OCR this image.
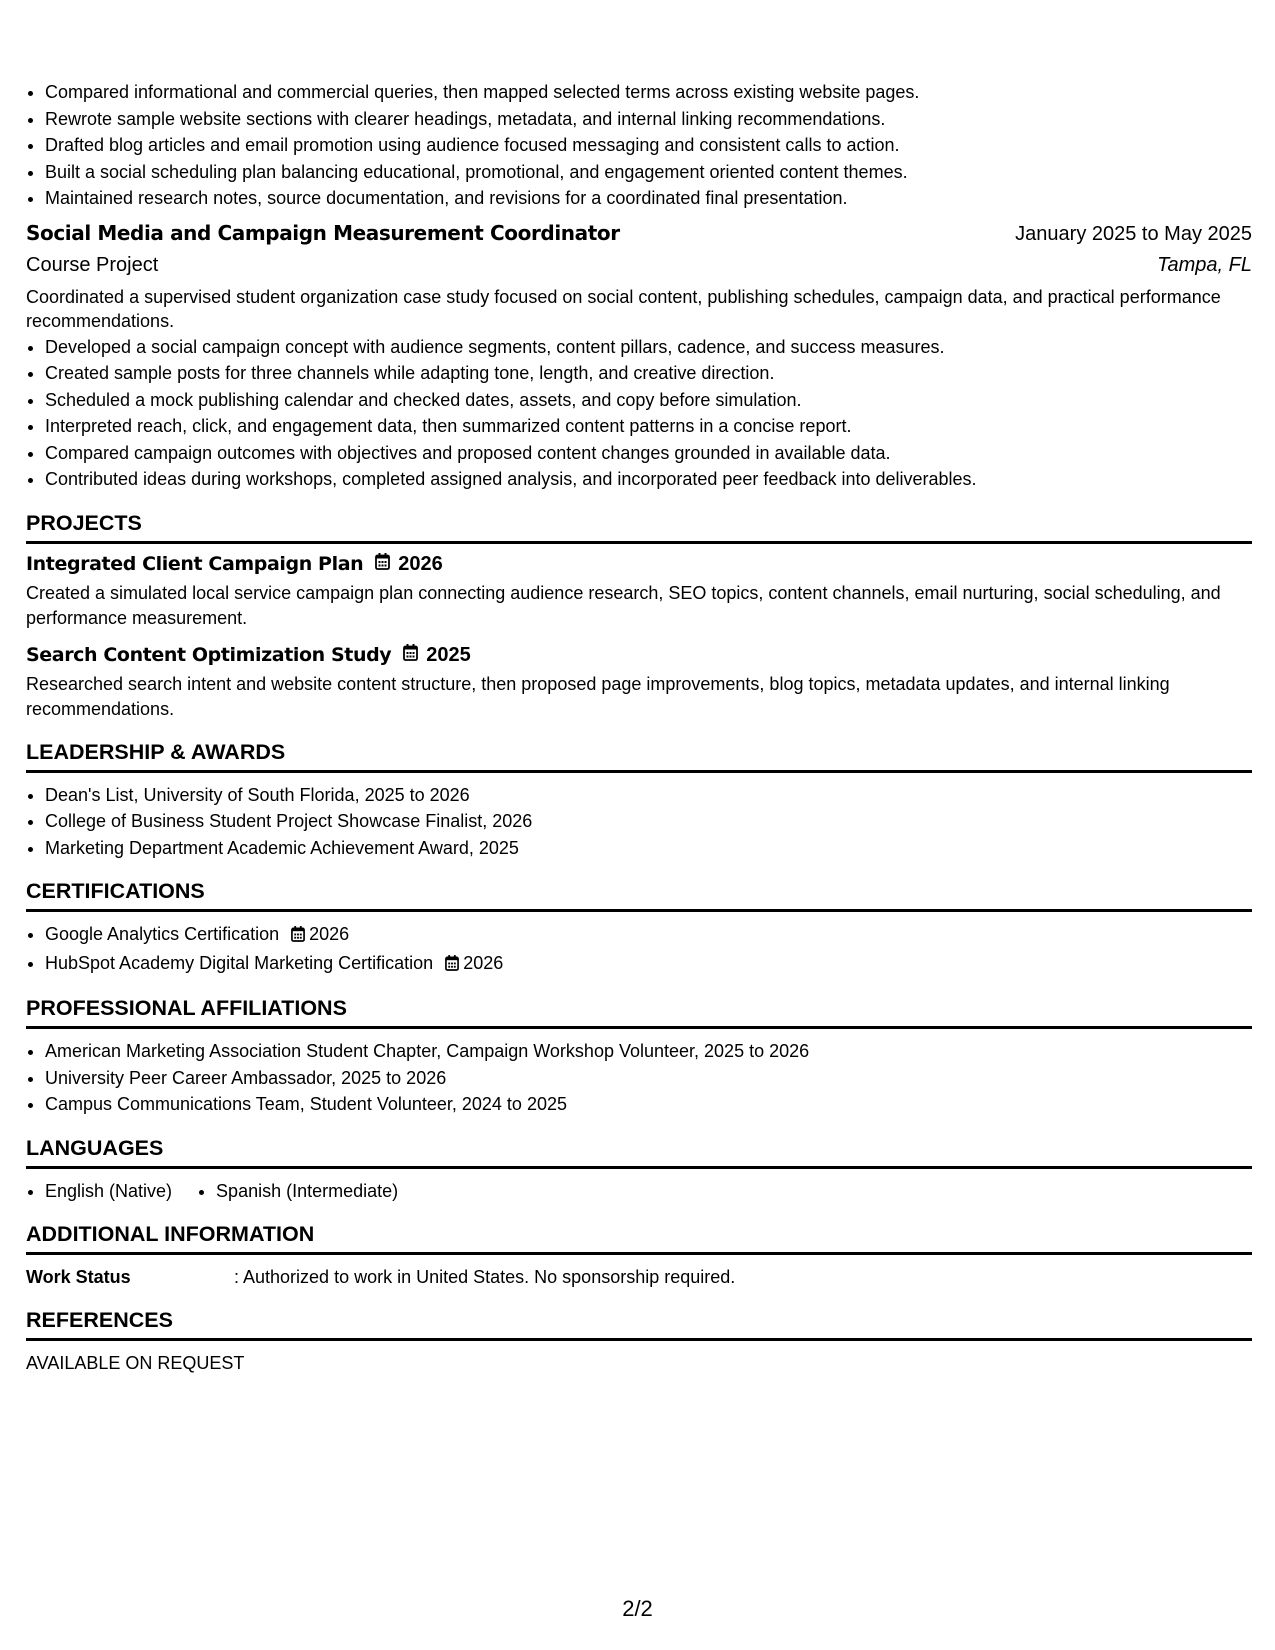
• Compared informational and commercial queries, then mapped selected terms across existing website pages.
• Rewrote sample website sections with clearer headings, metadata, and internal linking recommendations.
• Drafted blog articles and email promotion using audience focused messaging and consistent calls to action.
• Built a social scheduling plan balancing educational, promotional, and engagement oriented content themes.
• Maintained research notes, source documentation, and revisions for a coordinated final presentation.
Social Media and Campaign Measurement Coordinator	January 2025 to May 2025
Course Project	Tampa, FL
Coordinated a supervised student organization case study focused on social content, publishing schedules, campaign data, and practical performance recommendations.
• Developed a social campaign concept with audience segments, content pillars, cadence, and success measures.
• Created sample posts for three channels while adapting tone, length, and creative direction.
• Scheduled a mock publishing calendar and checked dates, assets, and copy before simulation.
• Interpreted reach, click, and engagement data, then summarized content patterns in a concise report.
• Compared campaign outcomes with objectives and proposed content changes grounded in available data.
• Contributed ideas during workshops, completed assigned analysis, and incorporated peer feedback into deliverables.
PROJECTS
Integrated Client Campaign Plan 2026
Created a simulated local service campaign plan connecting audience research, SEO topics, content channels, email nurturing, social scheduling, and performance measurement.
Search Content Optimization Study 2025
Researched search intent and website content structure, then proposed page improvements, blog topics, metadata updates, and internal linking recommendations.
LEADERSHIP & AWARDS
• Dean's List, University of South Florida, 2025 to 2026
• College of Business Student Project Showcase Finalist, 2026
• Marketing Department Academic Achievement Award, 2025
CERTIFICATIONS
• Google Analytics Certification 2026
• HubSpot Academy Digital Marketing Certification 2026
PROFESSIONAL AFFILIATIONS
• American Marketing Association Student Chapter, Campaign Workshop Volunteer, 2025 to 2026
• University Peer Career Ambassador, 2025 to 2026
• Campus Communications Team, Student Volunteer, 2024 to 2025
LANGUAGES
• English (Native)
• Spanish (Intermediate)
ADDITIONAL INFORMATION
Work Status	: Authorized to work in United States. No sponsorship required.
REFERENCES
AVAILABLE ON REQUEST
2/2
